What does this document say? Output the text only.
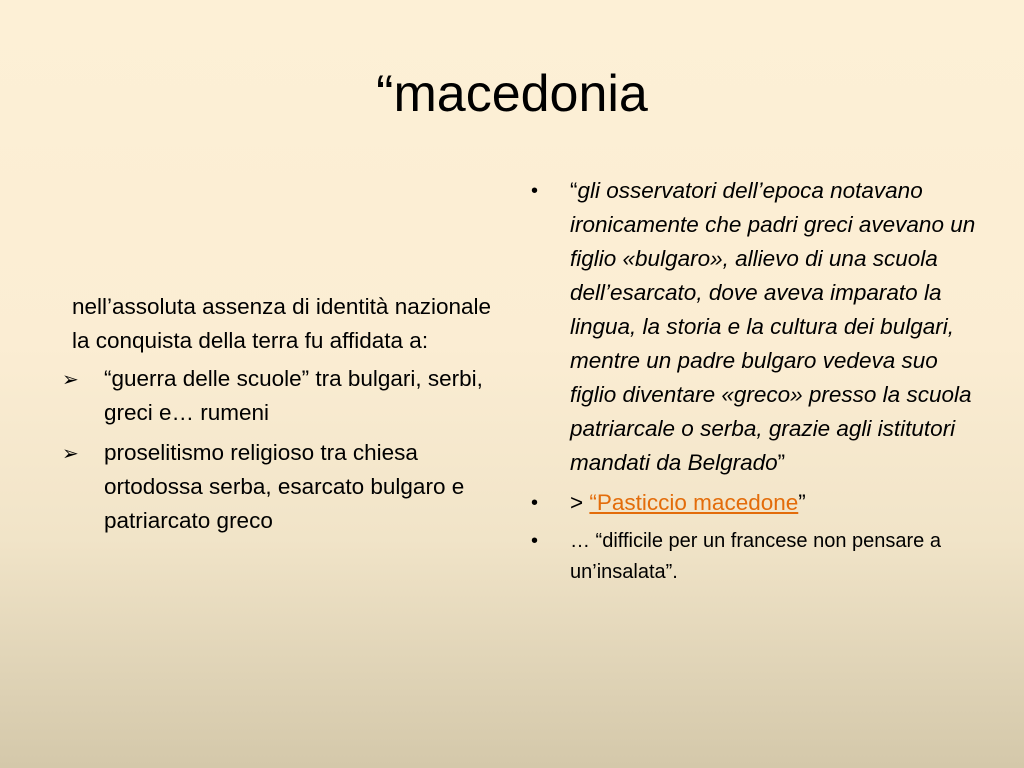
“macedonia

nell’assoluta assenza di identità nazionale la conquista della terra fu affidata a:

➢ “guerra delle scuole” tra bulgari, serbi, greci e… rumeni
➢ proselitismo religioso tra chiesa ortodossa serba, esarcato bulgaro e patriarcato greco
• “gli osservatori dell’epoca notavano ironicamente che padri greci avevano un figlio «bulgaro», allievo di una scuola dell’esarcato, dove aveva imparato la lingua, la storia e la cultura dei bulgari, mentre un padre bulgaro vedeva suo figlio diventare «greco» presso la scuola patriarcale o serba, grazie agli istitutori mandati da Belgrado”
• > “Pasticcio macedone”
• … “difficile per un francese non pensare a un’insalata”.
